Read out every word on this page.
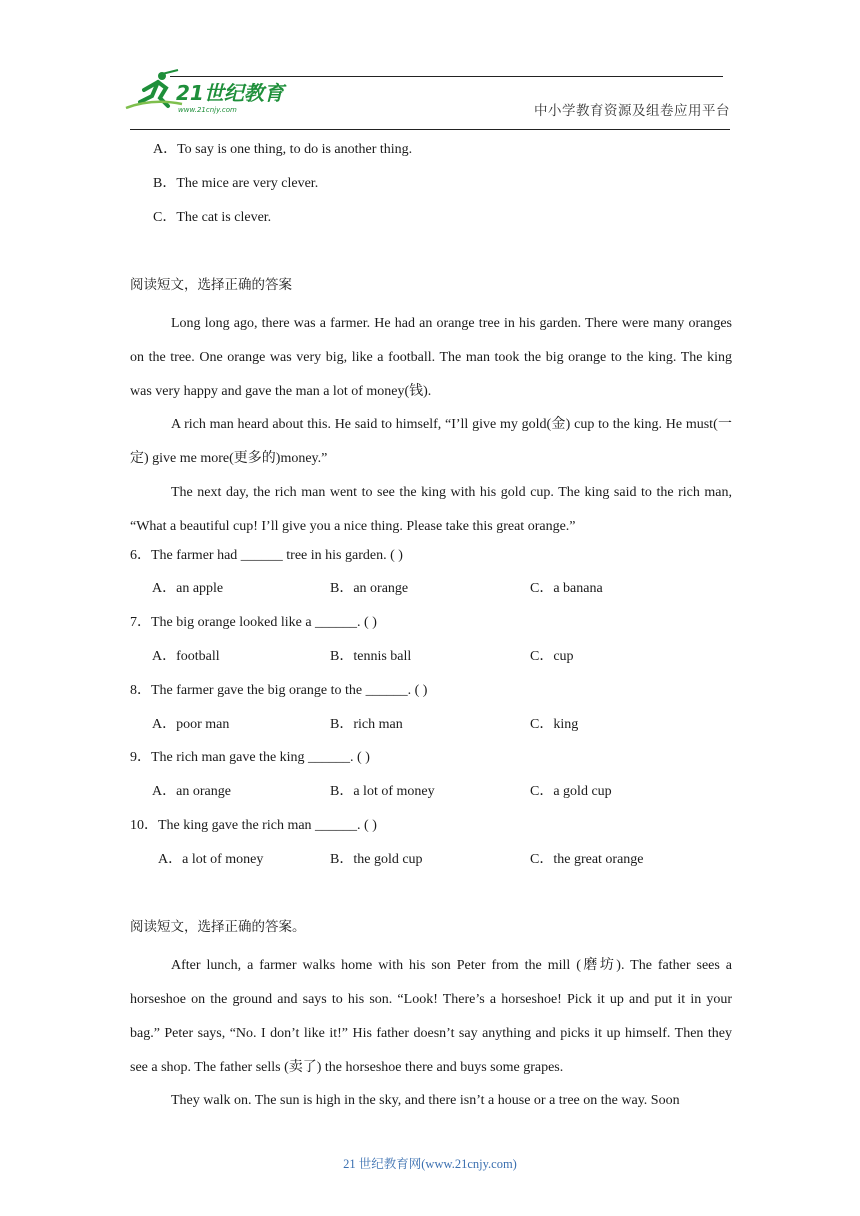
21世纪教育
www.21cnjy.com	中小学教育资源及组卷应用平台
A．To say is one thing, to do is another thing.
B．The mice are very clever.
C．The cat is clever.
阅读短文，选择正确的答案

Long long ago, there was a farmer. He had an orange tree in his garden. There were many oranges on the tree. One orange was very big, like a football. The man took the big orange to the king. The king was very happy and gave the man a lot of money(钱).

A rich man heard about this. He said to himself, “I’ll give my gold(金) cup to the king. He must(一定) give me more(更多的)money.”

The next day, the rich man went to see the king with his gold cup. The king said to the rich man, “What a beautiful cup! I’ll give you a nice thing. Please take this great orange.”

6．The farmer had ______ tree in his garden. ( )
A．an apple	B．an orange	C．a banana
7．The big orange looked like a ______. ( )
A．football	B．tennis ball	C．cup
8．The farmer gave the big orange to the ______. ( )
A．poor man	B．rich man	C．king
9．The rich man gave the king ______. ( )
A．an orange	B．a lot of money	C．a gold cup
10．The king gave the rich man ______. ( )
A．a lot of money	B．the gold cup	C．the great orange
阅读短文，选择正确的答案。

After lunch, a farmer walks home with his son Peter from the mill (磨坊). The father sees a horseshoe on the ground and says to his son. “Look! There’s a horseshoe! Pick it up and put it in your bag.” Peter says, “No. I don’t like it!” His father doesn’t say anything and picks it up himself. Then they see a shop. The father sells (卖了) the horseshoe there and buys some grapes.

They walk on. The sun is high in the sky, and there isn’t a house or a tree on the way. Soon

21 世纪教育网(www.21cnjy.com)
